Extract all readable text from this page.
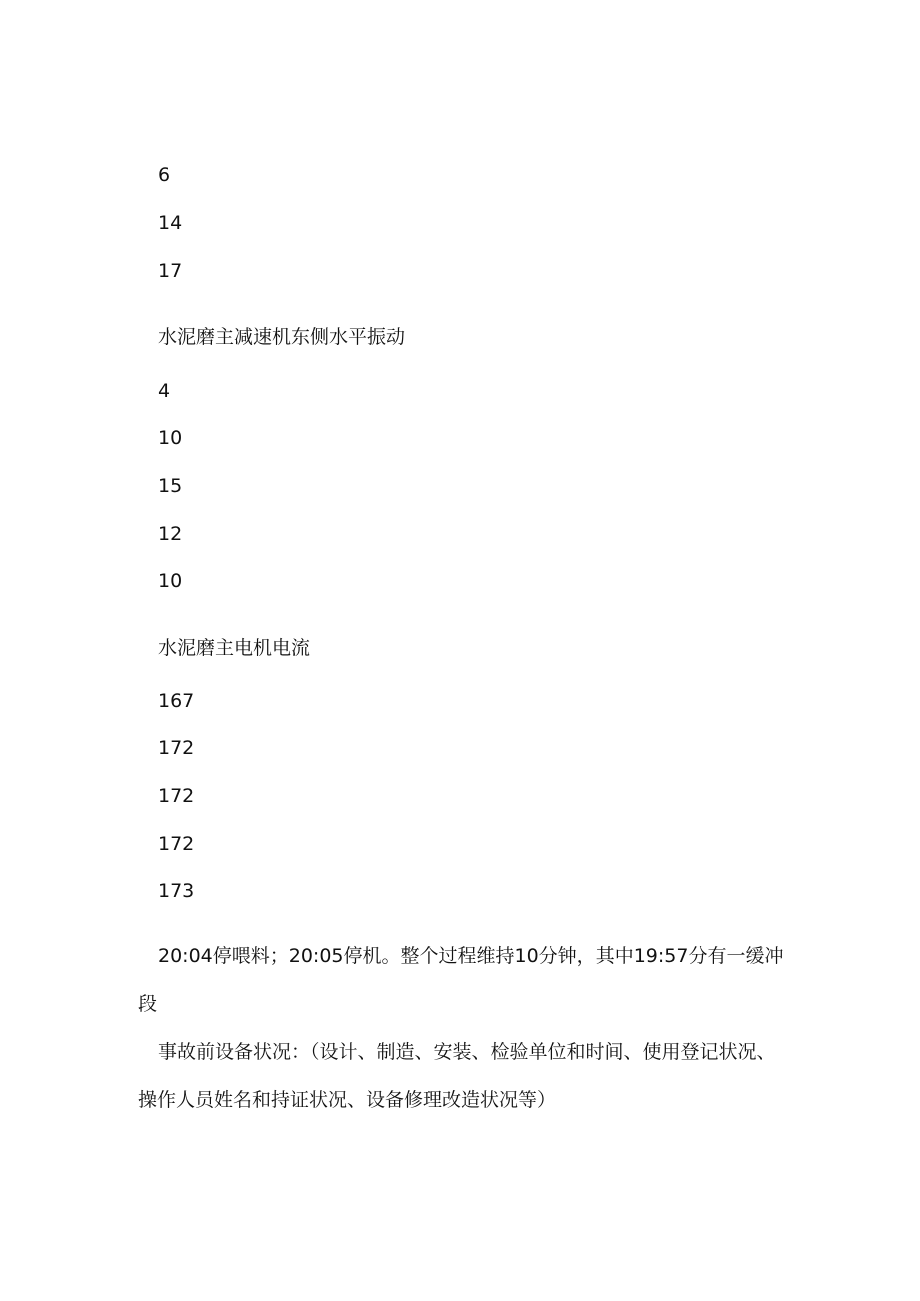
6
14
17
水泥磨主减速机东侧水平振动
4
10
15
12
10
水泥磨主电机电流
167
172
172
172
173
20:04停喂料；20:05停机。整个过程维持10分钟，其中19:57分有一缓冲段
事故前设备状况：（设计、制造、安装、检验单位和时间、使用登记状况、操作人员姓名和持证状况、设备修理改造状况等）
